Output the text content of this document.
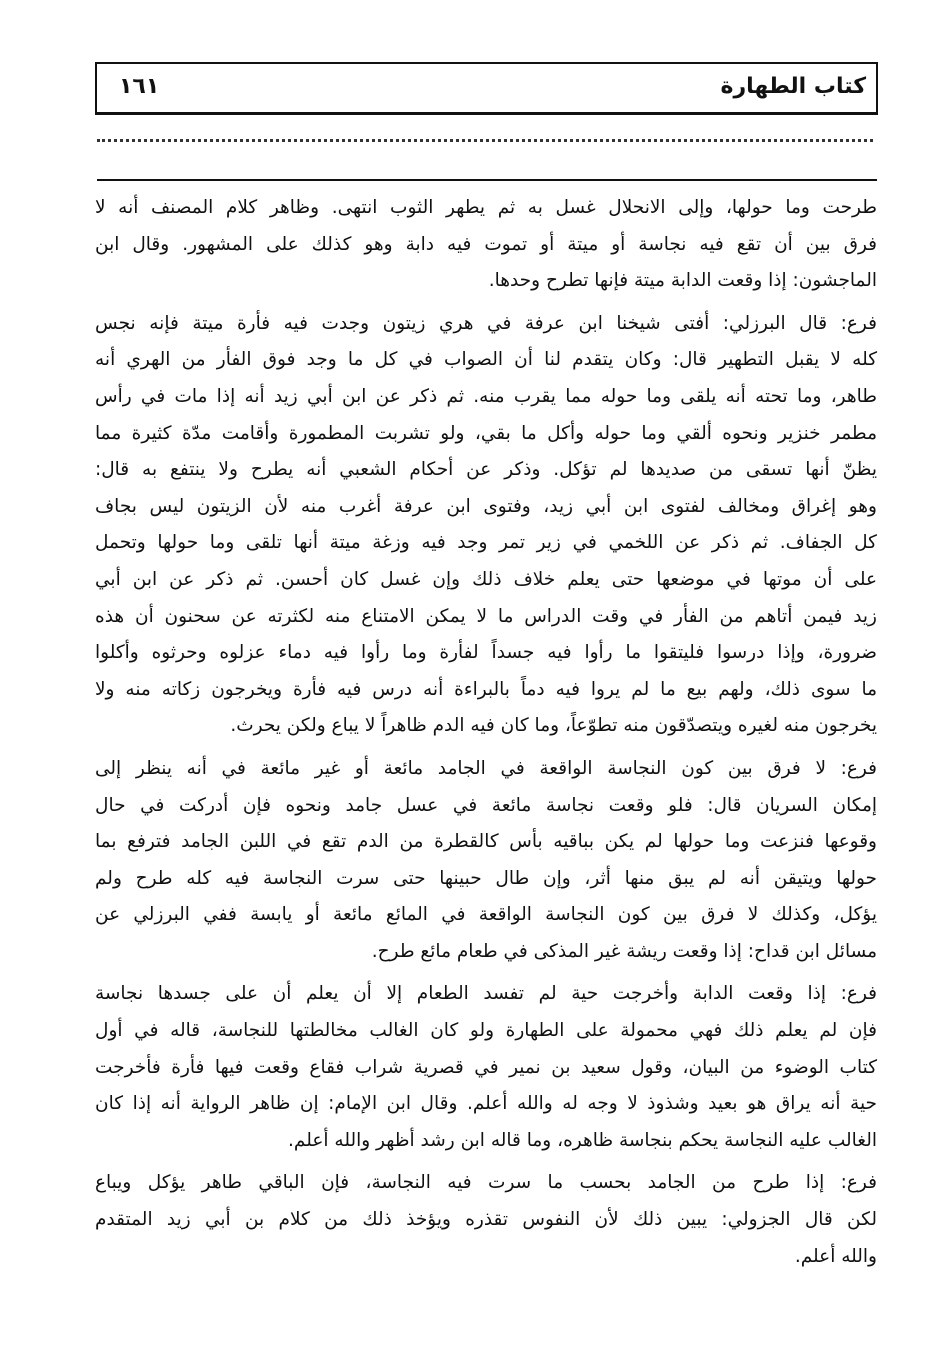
كتاب الطهارة
١٦١
طرحت وما حولها، وإلى الانحلال غسل به ثم يطهر الثوب انتهى. وظاهر كلام المصنف أنه لا
فرق بين أن تقع فيه نجاسة أو ميتة أو تموت فيه دابة وهو كذلك على المشهور. وقال ابن
الماجشون: إذا وقعت الدابة ميتة فإنها تطرح وحدها.
فرع: قال البرزلي: أفتى شيخنا ابن عرفة في هري زيتون وجدت فيه فأرة ميتة فإنه نجس
كله لا يقبل التطهير قال: وكان يتقدم لنا أن الصواب في كل ما وجد فوق الفأر من الهري أنه
طاهر، وما تحته أنه يلقى وما حوله مما يقرب منه. ثم ذكر عن ابن أبي زيد أنه إذا مات في رأس
مطمر خنزير ونحوه ألقي وما حوله وأكل ما بقي، ولو تشربت المطمورة وأقامت مدّة كثيرة مما
يظنّ أنها تسقى من صديدها لم تؤكل. وذكر عن أحكام الشعبي أنه يطرح ولا ينتفع به قال:
وهو إغراق ومخالف لفتوى ابن أبي زيد، وفتوى ابن عرفة أغرب منه لأن الزيتون ليس بجاف
كل الجفاف. ثم ذكر عن اللخمي في زير تمر وجد فيه وزغة ميتة أنها تلقى وما حولها وتحمل
على أن موتها في موضعها حتى يعلم خلاف ذلك وإن غسل كان أحسن. ثم ذكر عن ابن أبي
زيد فيمن أتاهم من الفأر في وقت الدراس ما لا يمكن الامتناع منه لكثرته عن سحنون أن هذه
ضرورة، وإذا درسوا فليتقوا ما رأوا فيه جسداً لفأرة وما رأوا فيه دماء عزلوه وحرثوه وأكلوا
ما سوى ذلك، ولهم بيع ما لم يروا فيه دماً بالبراءة أنه درس فيه فأرة ويخرجون زكاته منه ولا
يخرجون منه لغيره ويتصدّقون منه تطوّعاً، وما كان فيه الدم ظاهراً لا يباع ولكن يحرث.
فرع: لا فرق بين كون النجاسة الواقعة في الجامد مائعة أو غير مائعة في أنه ينظر إلى
إمكان السريان قال: فلو وقعت نجاسة مائعة في عسل جامد ونحوه فإن أدركت في حال
وقوعها فنزعت وما حولها لم يكن بباقيه بأس كالقطرة من الدم تقع في اللبن الجامد فترفع بما
حولها ويتيقن أنه لم يبق منها أثر، وإن طال حبينها حتى سرت النجاسة فيه كله طرح ولم
يؤكل، وكذلك لا فرق بين كون النجاسة الواقعة في المائع مائعة أو يابسة ففي البرزلي عن
مسائل ابن قداح: إذا وقعت ريشة غير المذكى في طعام مائع طرح.
فرع: إذا وقعت الدابة وأخرجت حية لم تفسد الطعام إلا أن يعلم أن على جسدها نجاسة
فإن لم يعلم ذلك فهي محمولة على الطهارة ولو كان الغالب مخالطتها للنجاسة، قاله في أول
كتاب الوضوء من البيان، وقول سعيد بن نمير في قصرية شراب فقاع وقعت فيها فأرة فأخرجت
حية أنه يراق هو بعيد وشذوذ لا وجه له والله أعلم. وقال ابن الإمام: إن ظاهر الرواية أنه إذا كان
الغالب عليه النجاسة يحكم بنجاسة ظاهره، وما قاله ابن رشد أظهر والله أعلم.
فرع: إذا طرح من الجامد بحسب ما سرت فيه النجاسة، فإن الباقي طاهر يؤكل ويباع
لكن قال الجزولي: يبين ذلك لأن النفوس تقذره ويؤخذ ذلك من كلام بن أبي زيد المتقدم
والله أعلم.
